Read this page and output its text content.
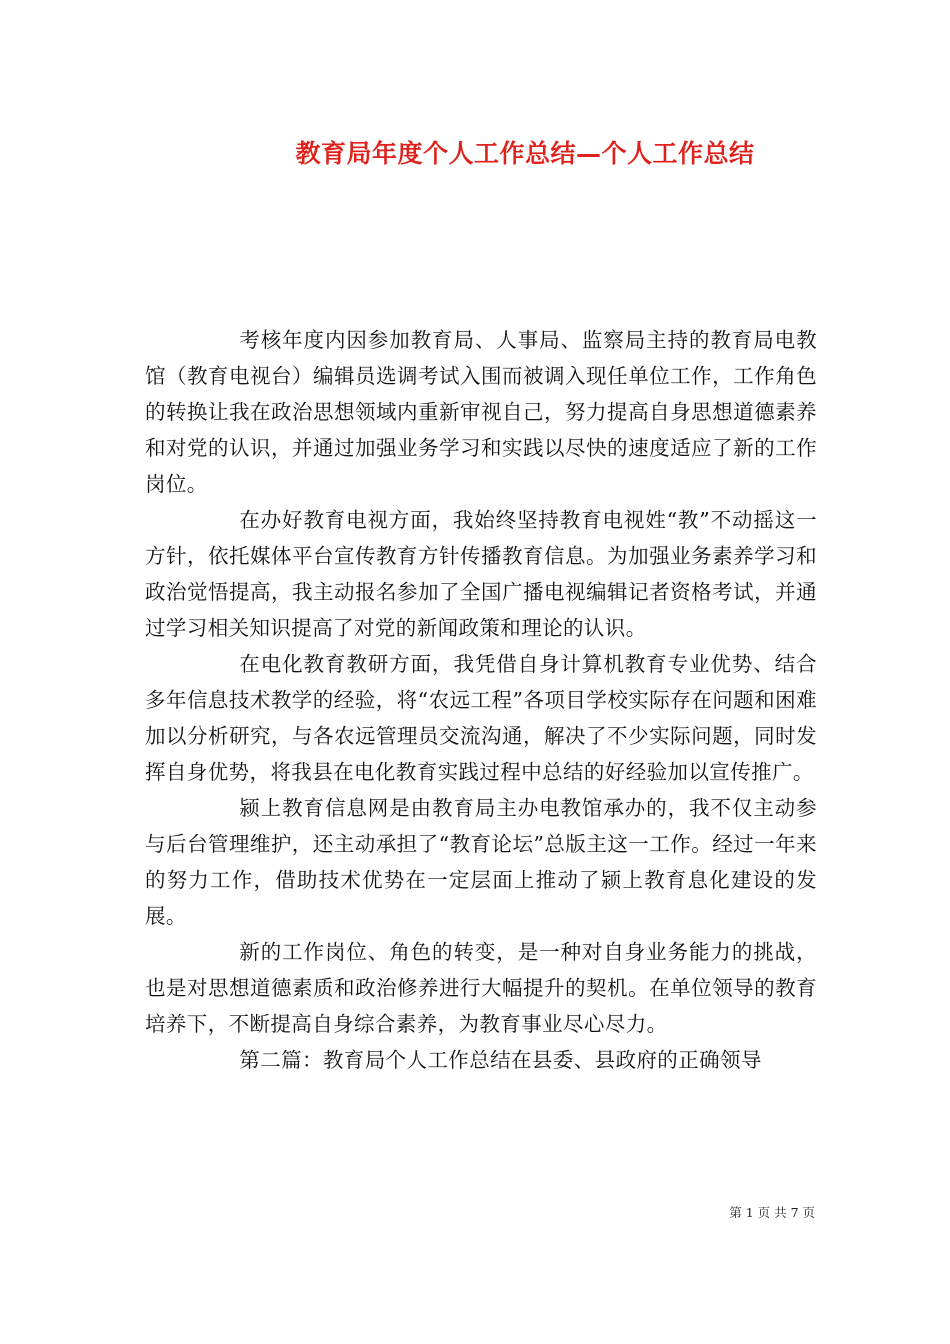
教育局年度个人工作总结—个人工作总结

考核年度内因参加教育局、人事局、监察局主持的教育局电教馆（教育电视台）编辑员选调考试入围而被调入现任单位工作，工作角色的转换让我在政治思想领域内重新审视自己，努力提高自身思想道德素养和对党的认识，并通过加强业务学习和实践以尽快的速度适应了新的工作岗位。

在办好教育电视方面，我始终坚持教育电视姓“教”不动摇这一方针，依托媒体平台宣传教育方针传播教育信息。为加强业务素养学习和政治觉悟提高，我主动报名参加了全国广播电视编辑记者资格考试，并通过学习相关知识提高了对党的新闻政策和理论的认识。

在电化教育教研方面，我凭借自身计算机教育专业优势、结合多年信息技术教学的经验，将“农远工程”各项目学校实际存在问题和困难加以分析研究，与各农远管理员交流沟通，解决了不少实际问题，同时发挥自身优势，将我县在电化教育实践过程中总结的好经验加以宣传推广。

颍上教育信息网是由教育局主办电教馆承办的，我不仅主动参与后台管理维护，还主动承担了“教育论坛”总版主这一工作。经过一年来的努力工作，借助技术优势在一定层面上推动了颍上教育息化建设的发展。

新的工作岗位、角色的转变，是一种对自身业务能力的挑战，也是对思想道德素质和政治修养进行大幅提升的契机。在单位领导的教育培养下，不断提高自身综合素养，为教育事业尽心尽力。

第二篇：教育局个人工作总结在县委、县政府的正确领导

第 1 页 共 7 页
